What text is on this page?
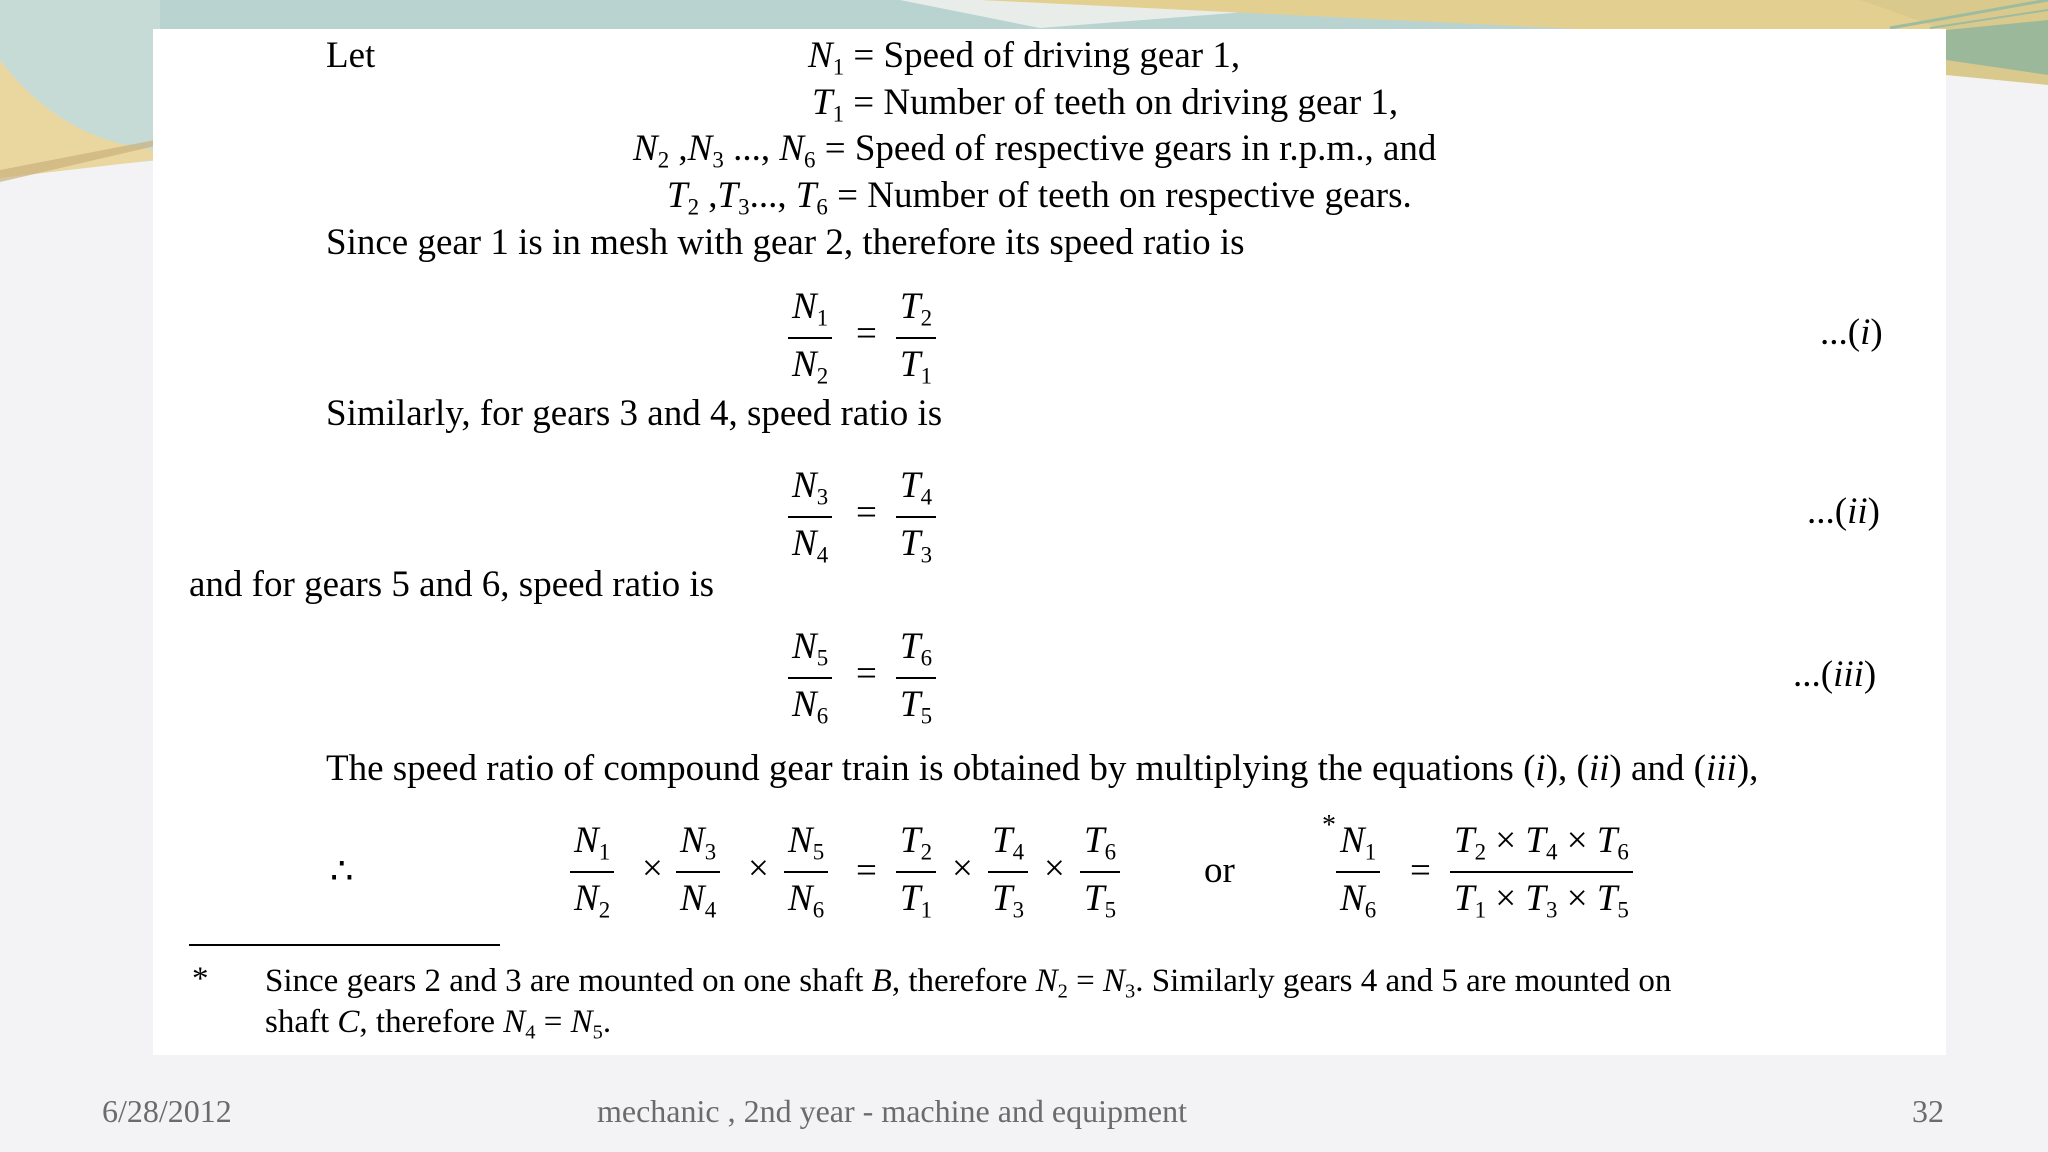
Let	N1 = Speed of driving gear 1,
T1 = Number of teeth on driving gear 1,
N2 ,N3 ..., N6 = Speed of respective gears in r.p.m., and
T2 ,T3..., T6 = Number of teeth on respective gears.
Since gear 1 is in mesh with gear 2, therefore its speed ratio is
$\frac{N1}{N2} = \frac{T2}{T1}$	...(i)
Similarly, for gears 3 and 4, speed ratio is
$\frac{N3}{N4} = \frac{T4}{T3}$	...(ii)
and for gears 5 and 6, speed ratio is
$\frac{N5}{N6} = \frac{T6}{T5}$	...(iii)
The speed ratio of compound gear train is obtained by multiplying the equations (i), (ii) and (iii),
∴	$\frac{N1}{N2} \times \frac{N3}{N4} \times \frac{N5}{N6} = \frac{T2}{T1} \times \frac{T4}{T3} \times \frac{T6}{T5}$ or
* $\frac{N1}{N6} = \frac{T2 \times T4 \times T6}{T1 \times T3 \times T5}$
* Since gears 2 and 3 are mounted on one shaft B, therefore N2 = N3. Similarly gears 4 and 5 are mounted on
shaft C, therefore N4 = N5.
6/28/2012	mechanic , 2nd year - machine and equipment	32
